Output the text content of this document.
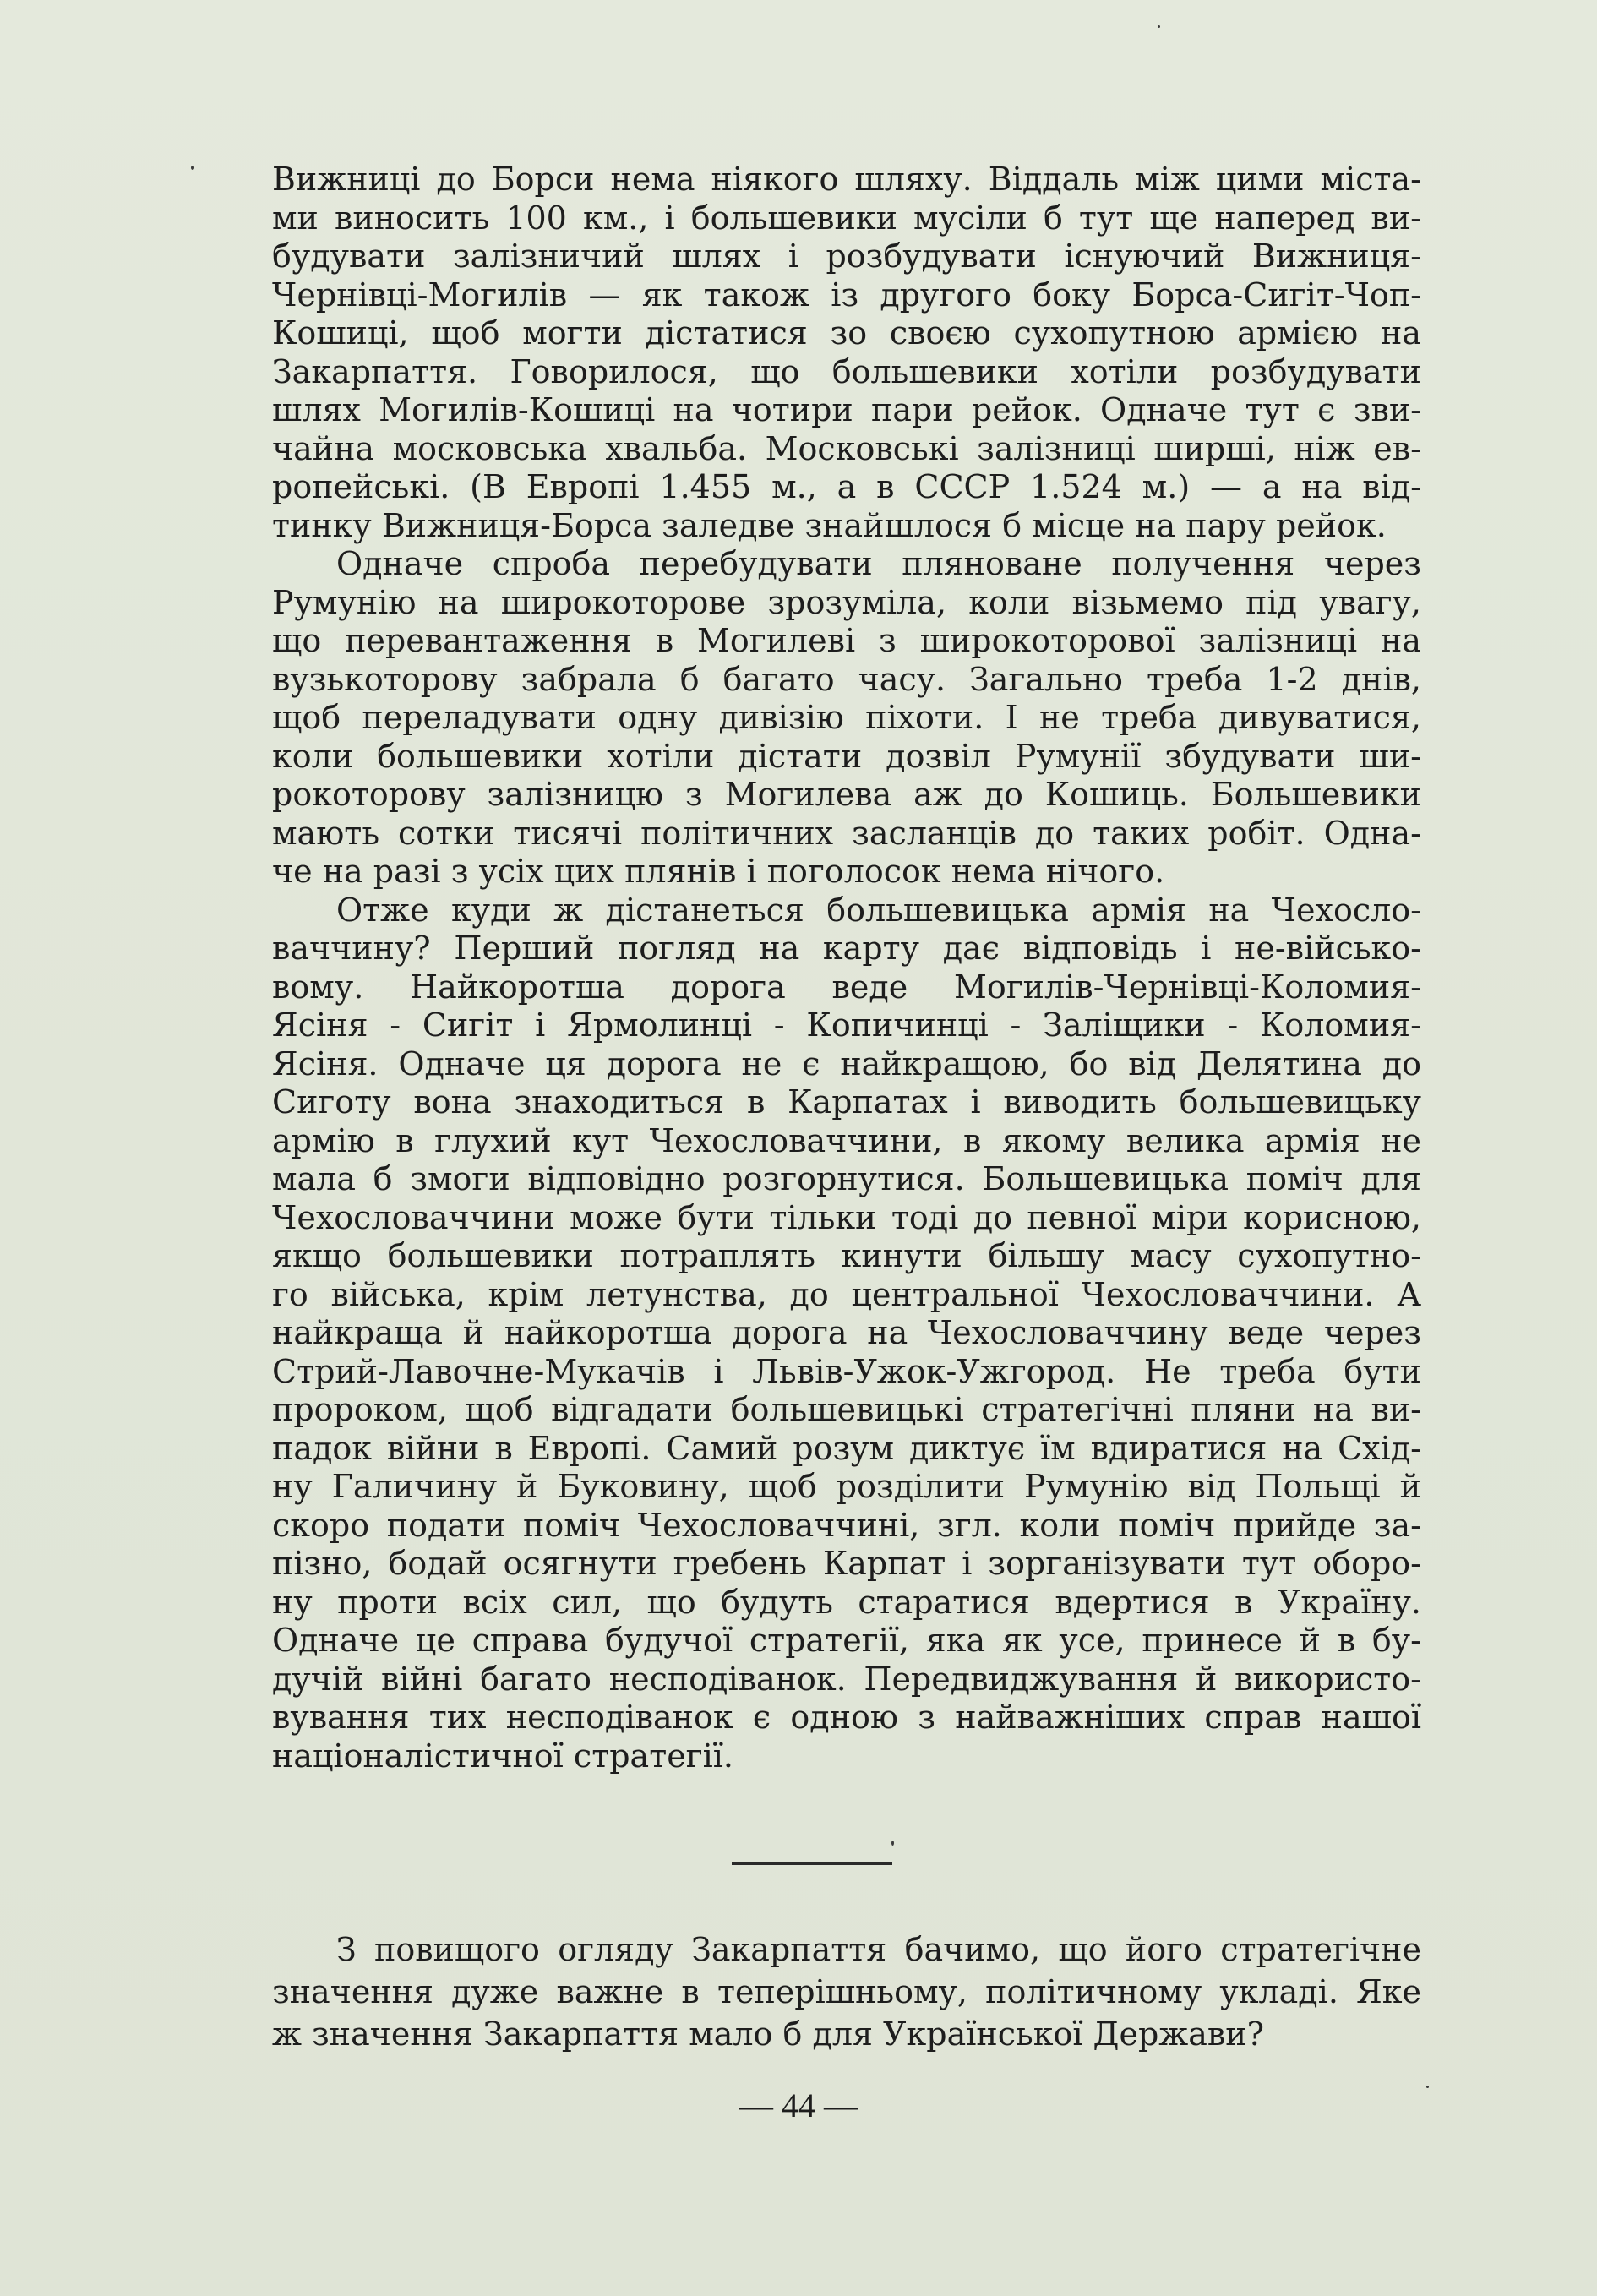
Вижниці до Борси нема ніякого шляху. Віддаль між цими міста-
ми виносить 100 км., і большевики мусіли б тут ще наперед ви-
будувати залізничий шлях і розбудувати існуючий Вижниця-
Чернівці-Могилів — як також із другого боку Борса-Сигіт-Чоп-
Кошиці, щоб могти дістатися зо своєю сухопутною армією на
Закарпаття. Говорилося, що большевики хотіли розбудувати
шлях Могилів-Кошиці на чотири пари рейок. Одначе тут є зви-
чайна московська хвальба. Московські залізниці ширші, ніж ев-
ропейські. (В Европі 1.455 м., а в СССР 1.524 м.) — а на від-
тинку Вижниця-Борса заледве знайшлося б місце на пару рейок.

Одначе спроба перебудувати пляноване получення через
Румунію на широкоторове зрозуміла, коли візьмемо під увагу,
що перевантаження в Могилеві з широкоторової залізниці на
вузькоторову забрала б багато часу. Загально треба 1-2 днів,
щоб переладувати одну дивізію піхоти. І не треба дивуватися,
коли большевики хотіли дістати дозвіл Румунії збудувати ши-
рокоторову залізницю з Могилева аж до Кошиць. Большевики
мають сотки тисячі політичних засланців до таких робіт. Одна-
че на разі з усіх цих плянів і поголосок нема нічого.

Отже куди ж дістанеться большевицька армія на Чехосло-
ваччину? Перший погляд на карту дає відповідь і не-військо-
вому. Найкоротша дорога веде Могилів-Чернівці-Коломия-
Ясіня - Сигіт і Ярмолинці - Копичинці - Заліщики - Коломия-
Ясіня. Одначе ця дорога не є найкращою, бо від Делятина до
Сиготу вона знаходиться в Карпатах і виводить большевицьку
армію в глухий кут Чехословаччини, в якому велика армія не
мала б змоги відповідно розгорнутися. Большевицька поміч для
Чехословаччини може бути тільки тоді до певної міри корисною,
якщо большевики потраплять кинути більшу масу сухопутно-
го війська, крім летунства, до центральної Чехословаччини. А
найкраща й найкоротша дорога на Чехословаччину веде через
Стрий-Лавочне-Мукачів і Львів-Ужок-Ужгород. Не треба бути
пророком, щоб відгадати большевицькі стратегічні пляни на ви-
падок війни в Европі. Самий розум диктує їм вдиратися на Схід-
ну Галичину й Буковину, щоб розділити Румунію від Польщі й
скоро подати поміч Чехословаччині, згл. коли поміч прийде за-
пізно, бодай осягнути гребень Карпат і зорганізувати тут оборо-
ну проти всіх сил, що будуть старатися вдертися в Україну.
Одначе це справа будучої стратегії, яка як усе, принесе й в бу-
дучій війні багато несподіванок. Передвиджування й використо-
вування тих несподіванок є одною з найважніших справ нашої
націоналістичної стратегії.

З повищого огляду Закарпаття бачимо, що його стратегічне
значення дуже важне в теперішньому, політичному укладі. Яке
ж значення Закарпаття мало б для Української Держави?

— 44 —
